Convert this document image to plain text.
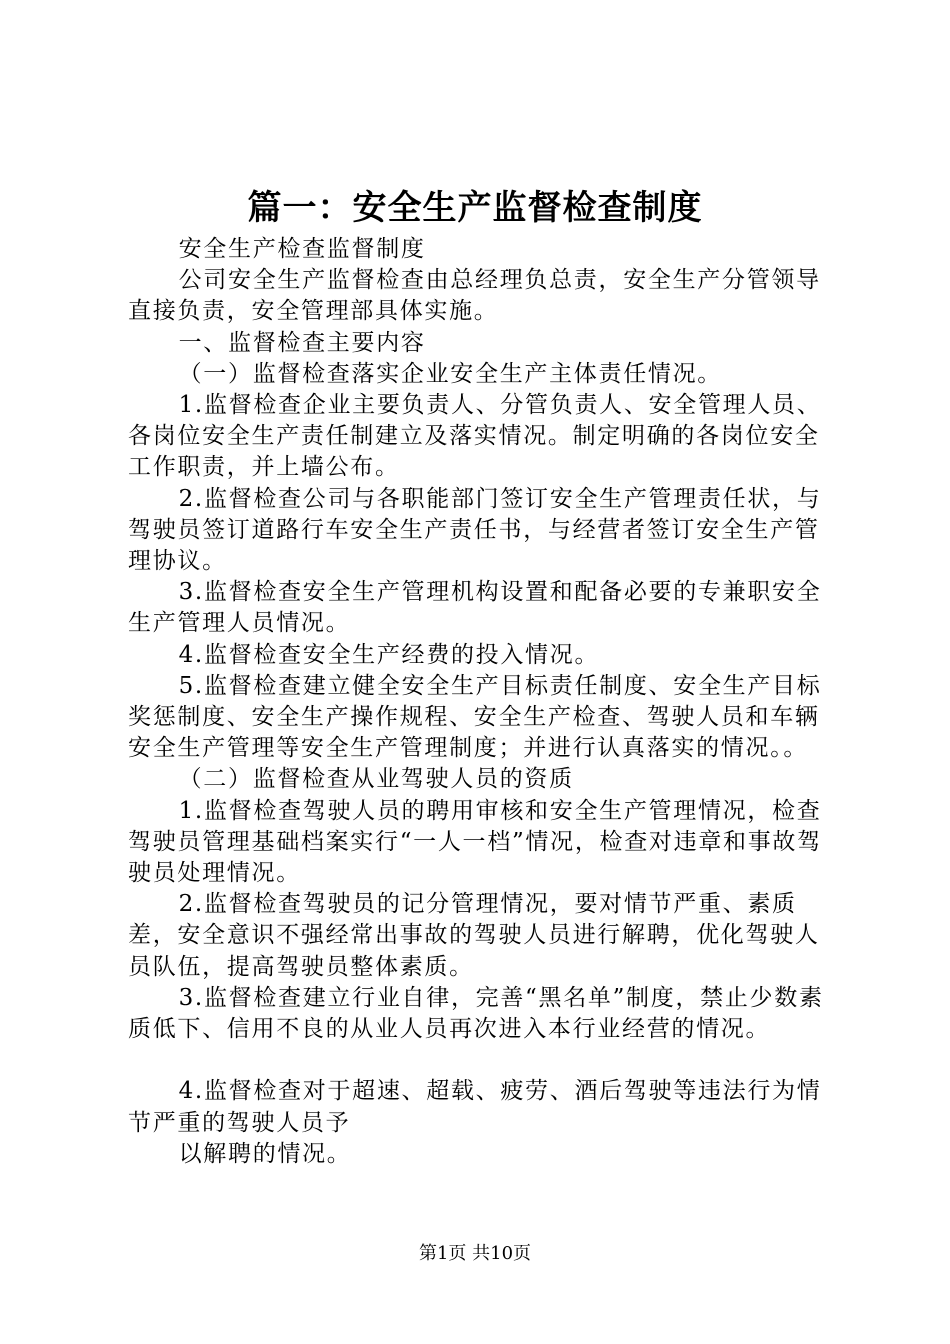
篇一：安全生产监督检查制度

安全生产检查监督制度

公司安全生产监督检查由总经理负总责，安全生产分管领导直接负责，安全管理部具体实施。

一、监督检查主要内容

（一）监督检查落实企业安全生产主体责任情况。

1.监督检查企业主要负责人、分管负责人、安全管理人员、各岗位安全生产责任制建立及落实情况。制定明确的各岗位安全工作职责，并上墙公布。

2.监督检查公司与各职能部门签订安全生产管理责任状，与驾驶员签订道路行车安全生产责任书，与经营者签订安全生产管理协议。

3.监督检查安全生产管理机构设置和配备必要的专兼职安全生产管理人员情况。

4.监督检查安全生产经费的投入情况。

5.监督检查建立健全安全生产目标责任制度、安全生产目标奖惩制度、安全生产操作规程、安全生产检查、驾驶人员和车辆安全生产管理等安全生产管理制度；并进行认真落实的情况。。

（二）监督检查从业驾驶人员的资质

1.监督检查驾驶人员的聘用审核和安全生产管理情况，检查驾驶员管理基础档案实行“一人一档”情况，检查对违章和事故驾驶员处理情况。

2.监督检查驾驶员的记分管理情况，要对情节严重、素质差，安全意识不强经常出事故的驾驶人员进行解聘，优化驾驶人员队伍，提高驾驶员整体素质。

3.监督检查建立行业自律，完善“黑名单”制度，禁止少数素质低下、信用不良的从业人员再次进入本行业经营的情况。

4.监督检查对于超速、超载、疲劳、酒后驾驶等违法行为情节严重的驾驶人员予

以解聘的情况。

第1页 共10页
